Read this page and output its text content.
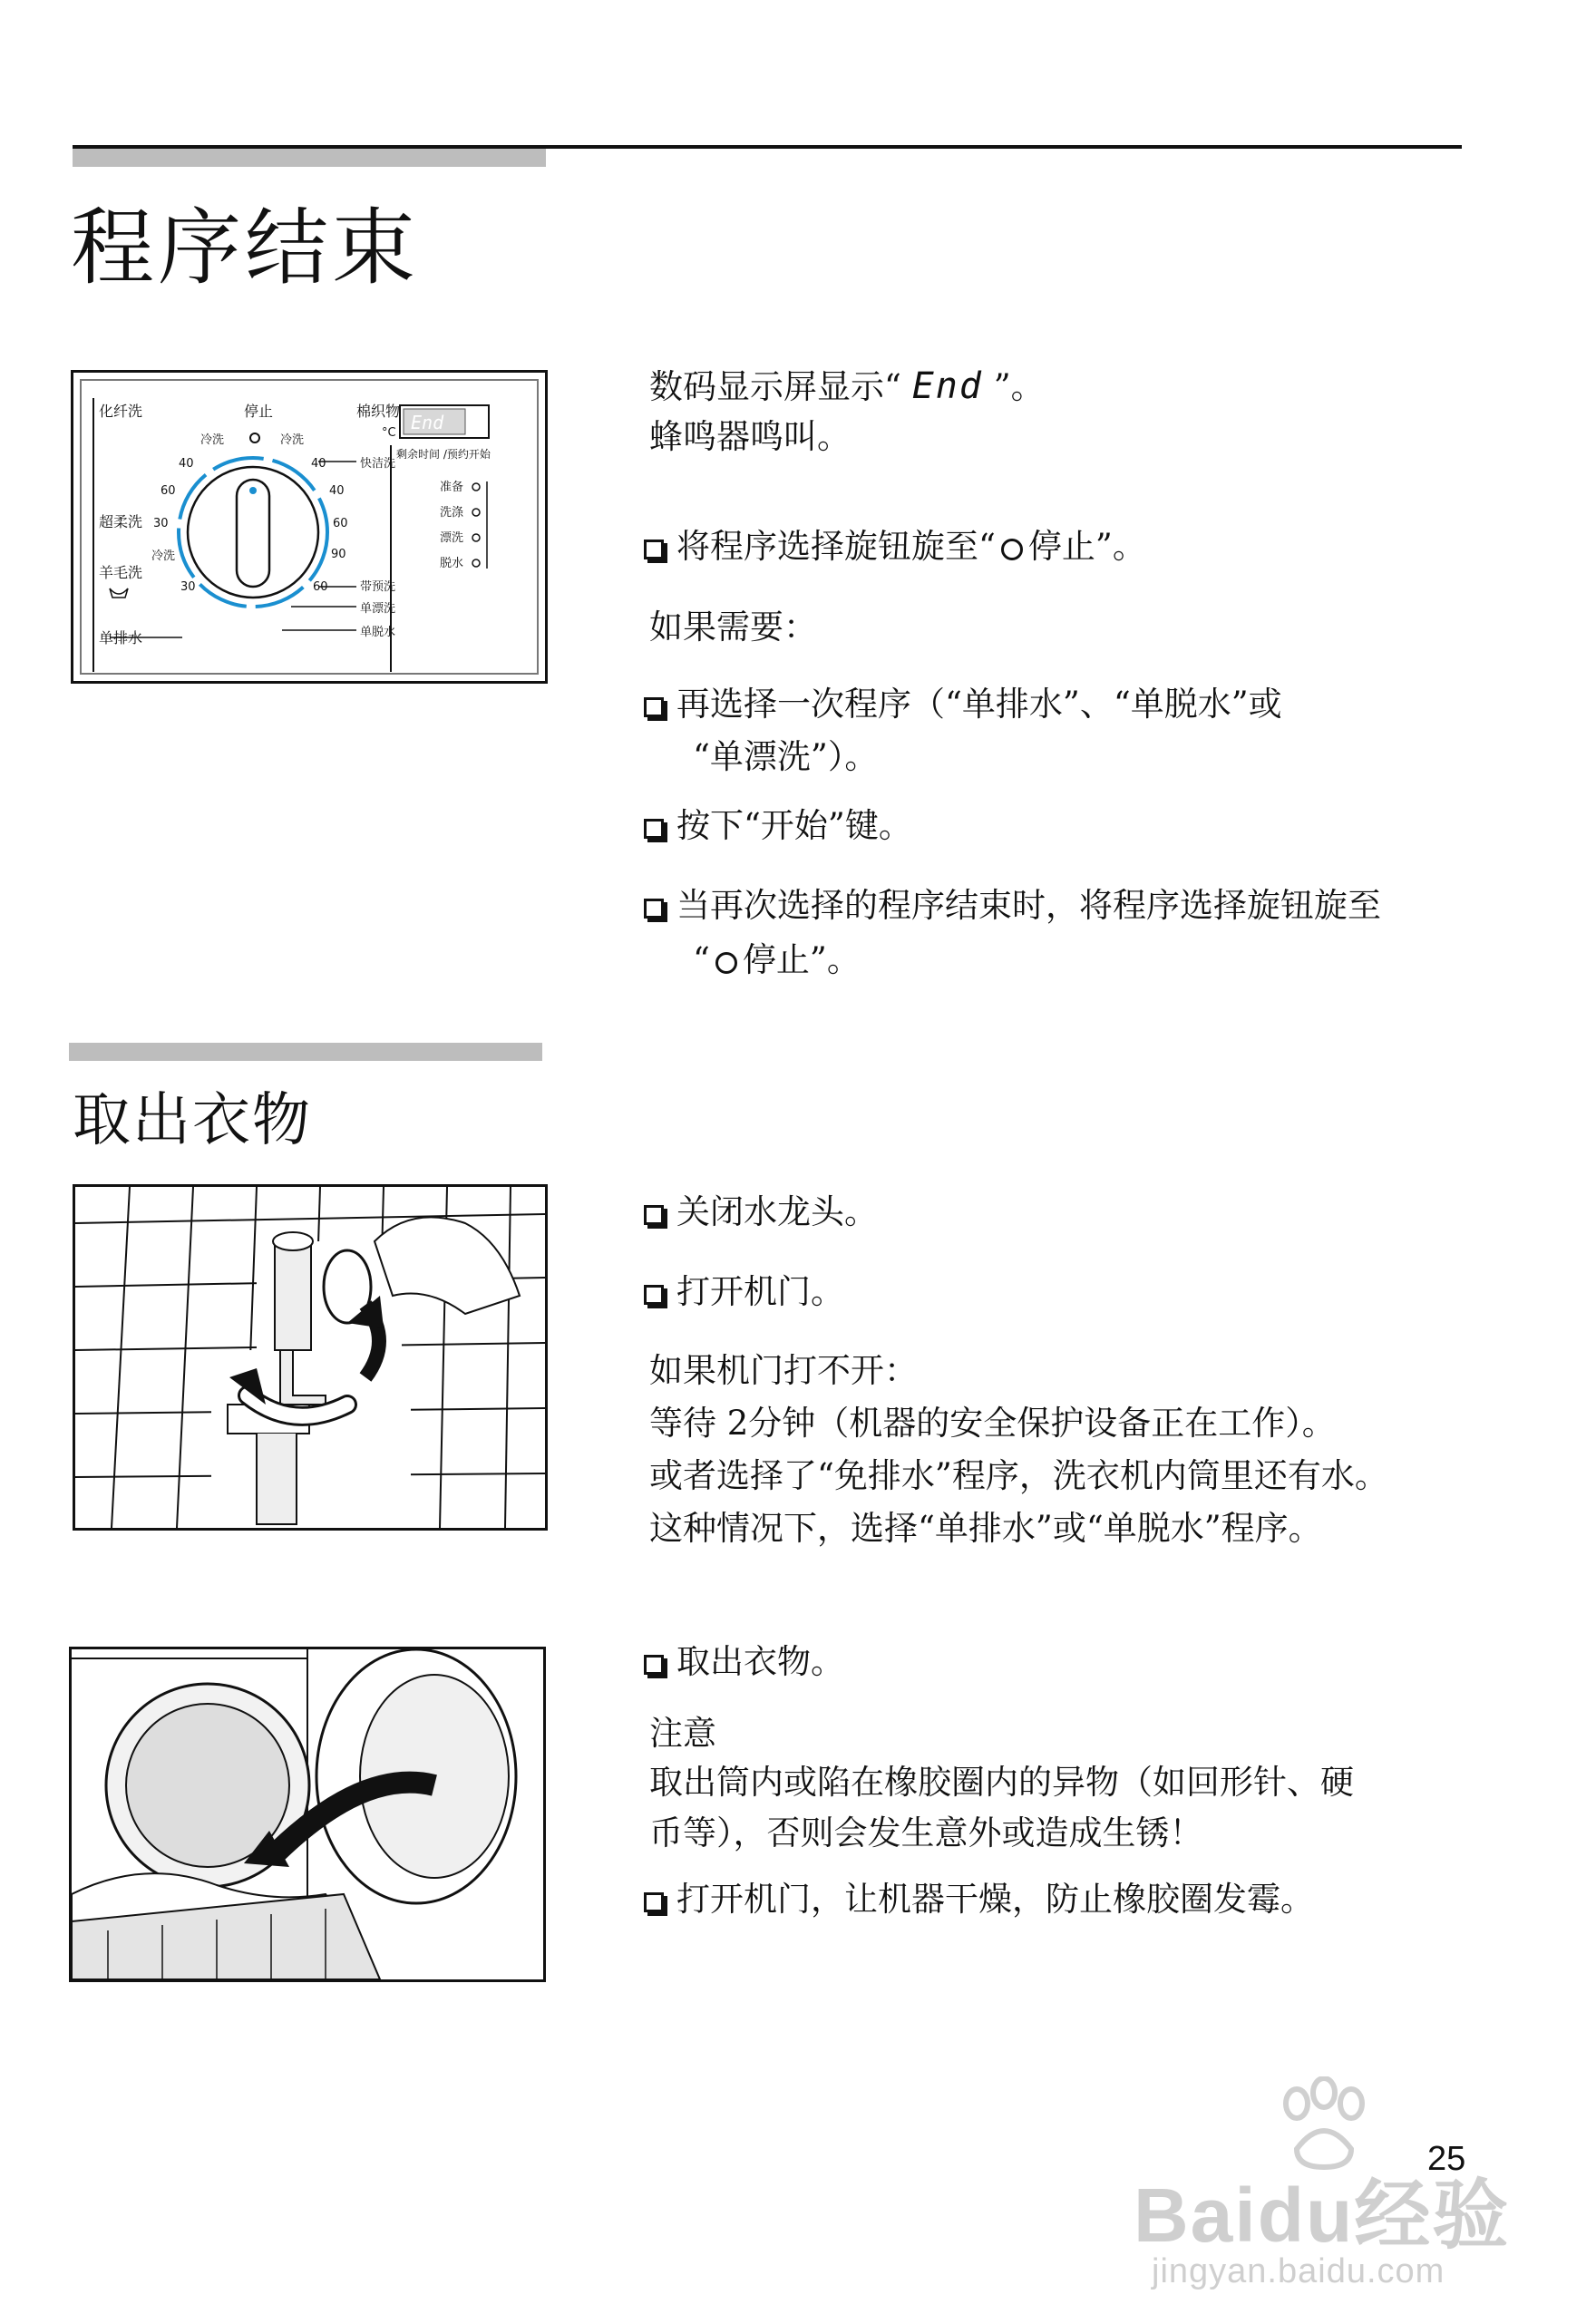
程序结束
化纤洗
超柔洗
羊毛洗
单排水
停止
冷洗	冷洗
冷洗
40
60
30
30
40
40
60
90
60
棉织物
°C
快洁洗
带预洗
单漂洗
单脱水
End
剩余时间 /预约开始
准备
洗涤
漂洗
脱水
数码显示屏显示“ End ”。
蜂鸣器鸣叫。
将程序选择旋钮旋至“ 停止”。
如果需要：
再选择一次程序（“单排水”、“单脱水”或
“单漂洗”）。
按下“开始”键。
当再次选择的程序结束时，将程序选择旋钮旋至
“ 停止”。
取出衣物
关闭水龙头。
打开机门。
如果机门打不开：
等待 2分钟（机器的安全保护设备正在工作）。
或者选择了“免排水”程序，洗衣机内筒里还有水。
这种情况下，选择“单排水”或“单脱水”程序。
取出衣物。
注意
取出筒内或陷在橡胶圈内的异物（如回形针、硬
币等），否则会发生意外或造成生锈！
打开机门，让机器干燥，防止橡胶圈发霉。
Baidu经验
jingyan.baidu.com
25
